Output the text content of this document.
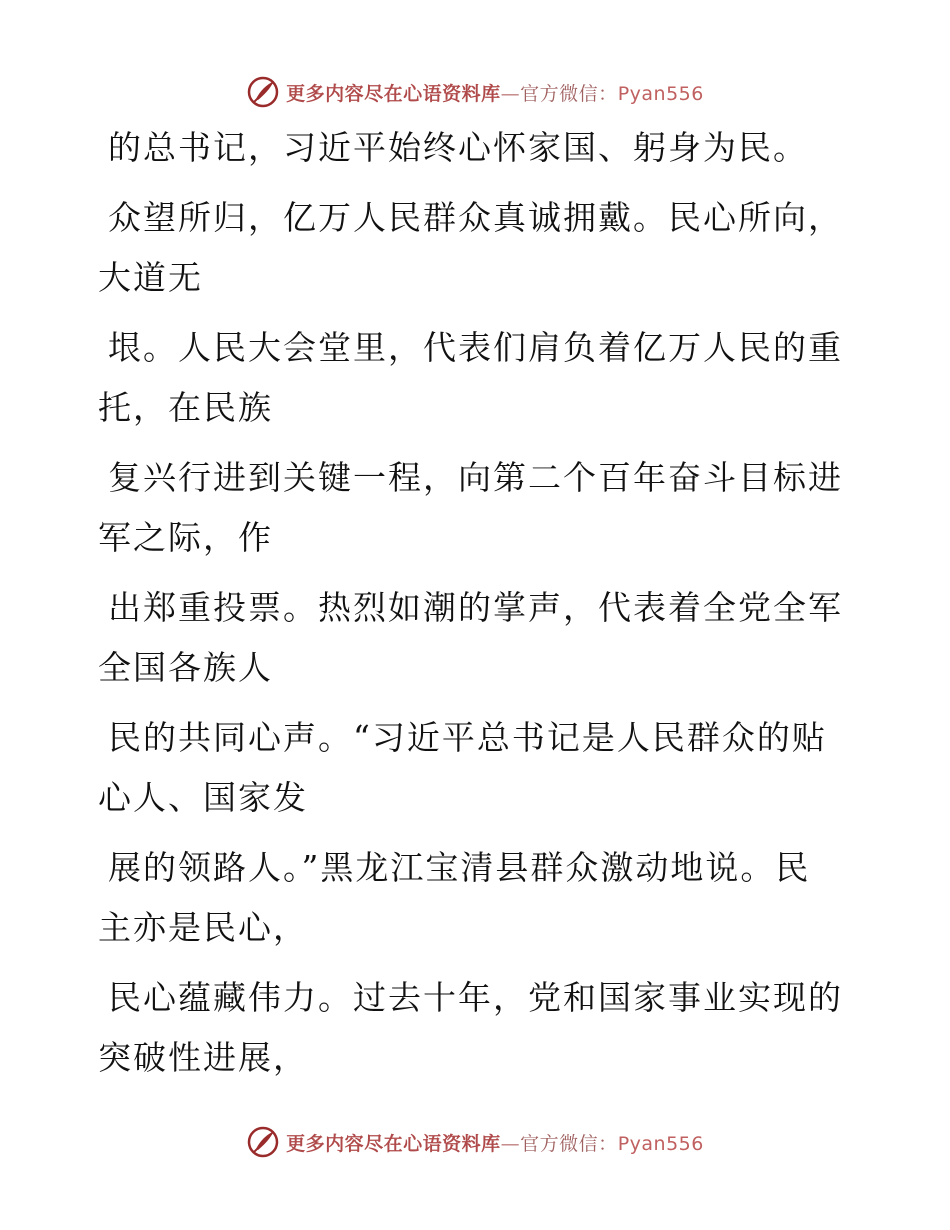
更多内容尽在心语资料库—官方微信：Pyan556
的总书记，习近平始终心怀家国、躬身为民。
众望所归，亿万人民群众真诚拥戴。民心所向，
大道无
垠。人民大会堂里，代表们肩负着亿万人民的重
托，在民族
复兴行进到关键一程，向第二个百年奋斗目标进
军之际，作
出郑重投票。热烈如潮的掌声，代表着全党全军
全国各族人
民的共同心声。“习近平总书记是人民群众的贴
心人、国家发
展的领路人。”黑龙江宝清县群众激动地说。民
主亦是民心，
民心蕴藏伟力。过去十年，党和国家事业实现的
突破性进展，
更多内容尽在心语资料库—官方微信：Pyan556
